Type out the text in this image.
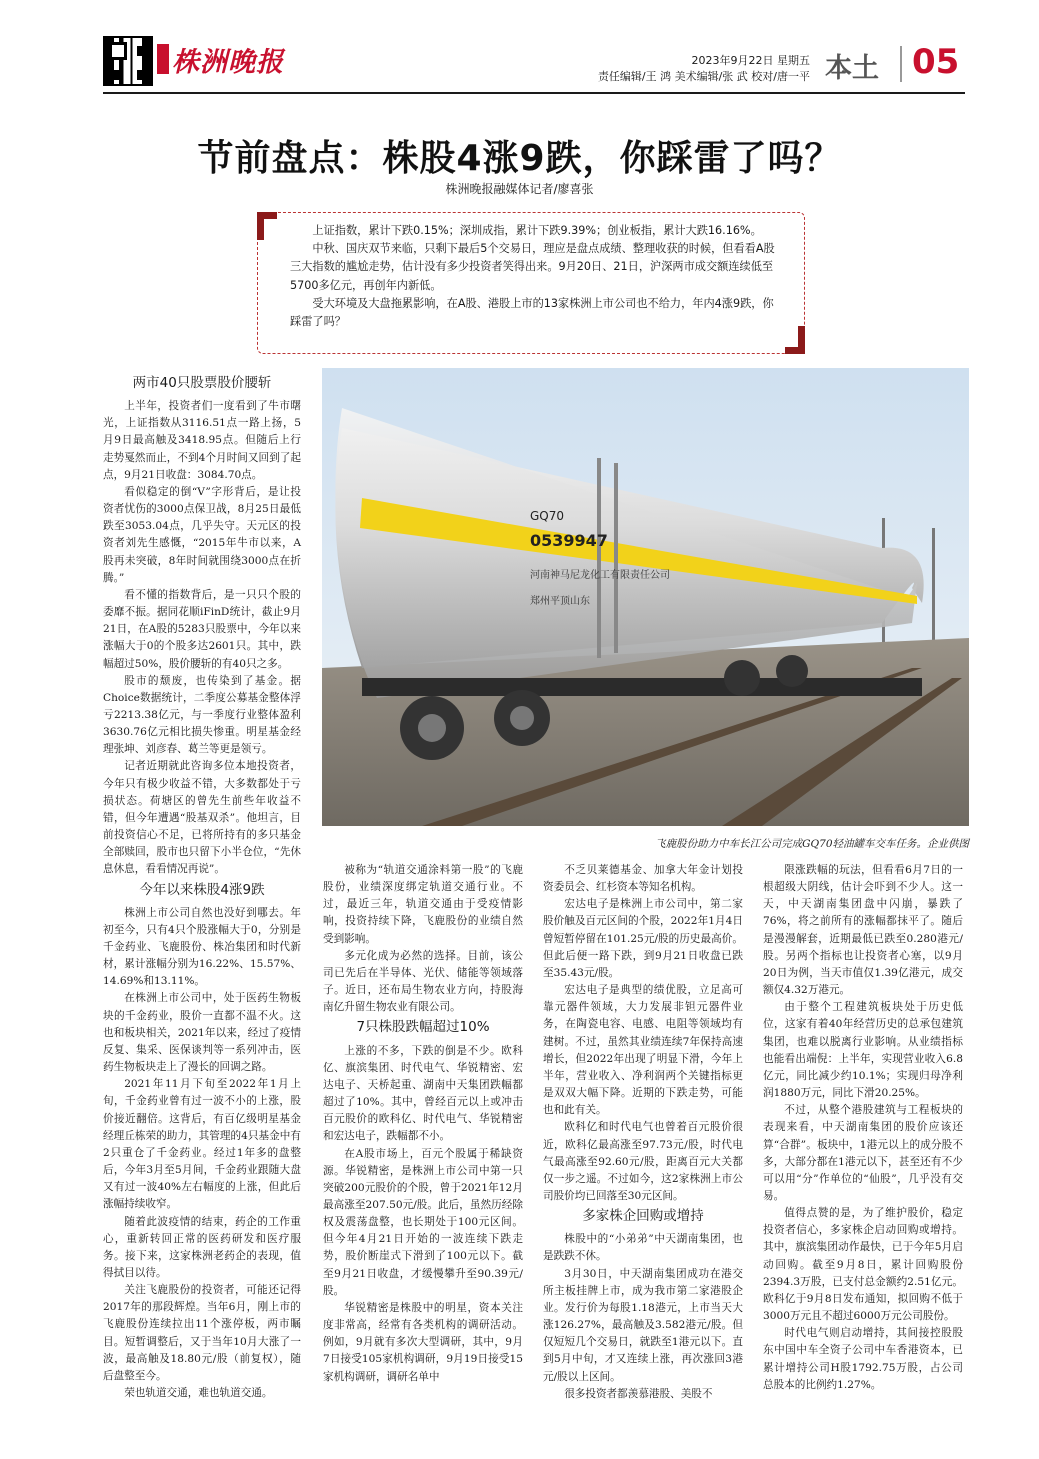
株洲晚报	2023年9月22日 星期五
责任编辑/王 鸿 美术编辑/张 武 校对/唐一平 本土 05
节前盘点：株股4涨9跌，你踩雷了吗？
株洲晚报融媒体记者/廖喜张

上证指数，累计下跌0.15%；深圳成指，累计下跌9.39%；创业板指，累计大跌16.16%。

中秋、国庆双节来临，只剩下最后5个交易日，理应是盘点成绩、整理收获的时候，但看看A股三大指数的尴尬走势，估计没有多少投资者笑得出来。9月20日、21日，沪深两市成交额连续低至5700多亿元，再创年内新低。

受大环境及大盘拖累影响，在A股、港股上市的13家株洲上市公司也不给力，年内4涨9跌，你踩雷了吗？

GQ70
0539947
河南神马尼龙化工有限责任公司
郑州平顶山东
飞鹿股份助力中车长江公司完成GQ70轻油罐车交车任务。企业供图
两市40只股票股价腰斩

上半年，投资者们一度看到了牛市曙光，上证指数从3116.51点一路上扬，5月9日最高触及3418.95点。但随后上行走势戛然而止，不到4个月时间又回到了起点，9月21日收盘：3084.70点。

看似稳定的倒“V”字形背后，是让投资者忧伤的3000点保卫战，8月25日最低跌至3053.04点，几乎失守。天元区的投资者刘先生感慨，“2015年牛市以来，A股再未突破，8年时间就围绕3000点在折腾。”

看不懂的指数背后，是一只只个股的委靡不振。据同花顺iFinD统计，截止9月21日，在A股的5283只股票中，今年以来涨幅大于0的个股多达2601只。其中，跌幅超过50%，股价腰斩的有40只之多。

股市的颓废，也传染到了基金。据Choice数据统计，二季度公募基金整体浮亏2213.38亿元，与一季度行业整体盈利3630.76亿元相比损失惨重。明星基金经理张坤、刘彦春、葛兰等更是领亏。

记者近期就此咨询多位本地投资者，今年只有极少收益不错，大多数都处于亏损状态。荷塘区的曾先生前些年收益不错，但今年遭遇“股基双杀”。他坦言，目前投资信心不足，已将所持有的多只基金全部赎回，股市也只留下小半仓位，“先休息休息，看看情况再说”。

今年以来株股4涨9跌

株洲上市公司自然也没好到哪去。年初至今，只有4只个股涨幅大于0，分别是千金药业、飞鹿股份、株冶集团和时代新材，累计涨幅分别为16.22%、15.57%、14.69%和13.11%。

在株洲上市公司中，处于医药生物板块的千金药业，股价一直都不温不火。这也和板块相关，2021年以来，经过了疫情反复、集采、医保谈判等一系列冲击，医药生物板块走上了漫长的回调之路。

2021年11月下旬至2022年1月上旬，千金药业曾有过一波不小的上涨，股价接近翻倍。这背后，有百亿级明星基金经理丘栋荣的助力，其管理的4只基金中有2只重仓了千金药业。经过1年多的盘整后，今年3月至5月间，千金药业跟随大盘又有过一波40%左右幅度的上涨，但此后涨幅持续收窄。

随着此波疫情的结束，药企的工作重心，重新转回正常的医药研发和医疗服务。接下来，这家株洲老药企的表现，值得拭目以待。

关注飞鹿股份的投资者，可能还记得2017年的那段辉煌。当年6月，刚上市的飞鹿股份连续拉出11个涨停板，两市瞩目。短暂调整后，又于当年10月大涨了一波，最高触及18.80元/股（前复权），随后盘整至今。

荣也轨道交通，难也轨道交通。

被称为“轨道交通涂料第一股”的飞鹿股份，业绩深度绑定轨道交通行业。不过，最近三年，轨道交通由于受疫情影响，投资持续下降，飞鹿股份的业绩自然受到影响。

多元化成为必然的选择。目前，该公司已先后在半导体、光伏、储能等领域落子。近日，还布局生物农业方向，持股海南亿升留生物农业有限公司。

7只株股跌幅超过10%

上涨的不多，下跌的倒是不少。欧科亿、旗滨集团、时代电气、华锐精密、宏达电子、天桥起重、湖南中天集团跌幅都超过了10%。其中，曾经百元以上或冲击百元股价的欧科亿、时代电气、华锐精密和宏达电子，跌幅都不小。

在A股市场上，百元个股属于稀缺资源。华锐精密，是株洲上市公司中第一只突破200元股价的个股，曾于2021年12月最高涨至207.50元/股。此后，虽然历经除权及震荡盘整，也长期处于100元区间。但今年4月21日开始的一波连续下跌走势，股价断崖式下滑到了100元以下。截至9月21日收盘，才缓慢攀升至90.39元/股。

华锐精密是株股中的明星，资本关注度非常高，经常有各类机构的调研活动。例如，9月就有多次大型调研，其中，9月7日接受105家机构调研，9月19日接受15家机构调研，调研名单中

不乏贝莱德基金、加拿大年金计划投资委员会、红杉资本等知名机构。

宏达电子是株洲上市公司中，第二家股价触及百元区间的个股，2022年1月4日曾短暂停留在101.25元/股的历史最高价。但此后便一路下跌，到9月21日收盘已跌至35.43元/股。

宏达电子是典型的绩优股，立足高可靠元器件领域，大力发展非钽元器件业务，在陶瓷电容、电感、电阻等领域均有建树。不过，虽然其业绩连续7年保持高速增长，但2022年出现了明显下滑，今年上半年，营业收入、净利润两个关键指标更是双双大幅下降。近期的下跌走势，可能也和此有关。

欧科亿和时代电气也曾着百元股价很近，欧科亿最高涨至97.73元/股，时代电气最高涨至92.60元/股，距离百元大关都仅一步之遥。不过如今，这2家株洲上市公司股价均已回落至30元区间。

多家株企回购或增持

株股中的“小弟弟”中天湖南集团，也是跌跌不休。

3月30日，中天湖南集团成功在港交所主板挂牌上市，成为我市第二家港股企业。发行价为每股1.18港元，上市当天大涨126.27%，最高触及3.582港元/股。但仅短短几个交易日，就跌至1港元以下。直到5月中旬，才又连续上涨，再次涨回3港元/股以上区间。

很多投资者都羡慕港股、美股不

限涨跌幅的玩法，但看看6月7日的一根超级大阴线，估计会吓到不少人。这一天，中天湖南集团盘中闪崩，暴跌了76%，将之前所有的涨幅都抹平了。随后是漫漫解套，近期最低已跌至0.280港元/股。另两个指标也让投资者心塞，以9月20日为例，当天市值仅1.39亿港元，成交额仅4.32万港元。

由于整个工程建筑板块处于历史低位，这家有着40年经营历史的总承包建筑集团，也难以脱离行业影响。从业绩指标也能看出端倪：上半年，实现营业收入6.8亿元，同比减少约10.1%；实现归母净利润1880万元，同比下滑20.25%。

不过，从整个港股建筑与工程板块的表现来看，中天湖南集团的股价应该还算“合群”。板块中，1港元以上的成分股不多，大部分都在1港元以下，甚至还有不少可以用“分”作单位的“仙股”，几乎没有交易。

值得点赞的是，为了维护股价，稳定投资者信心，多家株企启动回购或增持。其中，旗滨集团动作最快，已于今年5月启动回购。截至9月8日，累计回购股份2394.3万股，已支付总金额约2.51亿元。欧科亿于9月8日发布通知，拟回购不低于3000万元且不超过6000万元公司股份。

时代电气则启动增持，其间接控股股东中国中车全资子公司中车香港资本，已累计增持公司H股1792.75万股，占公司总股本的比例约1.27%。
